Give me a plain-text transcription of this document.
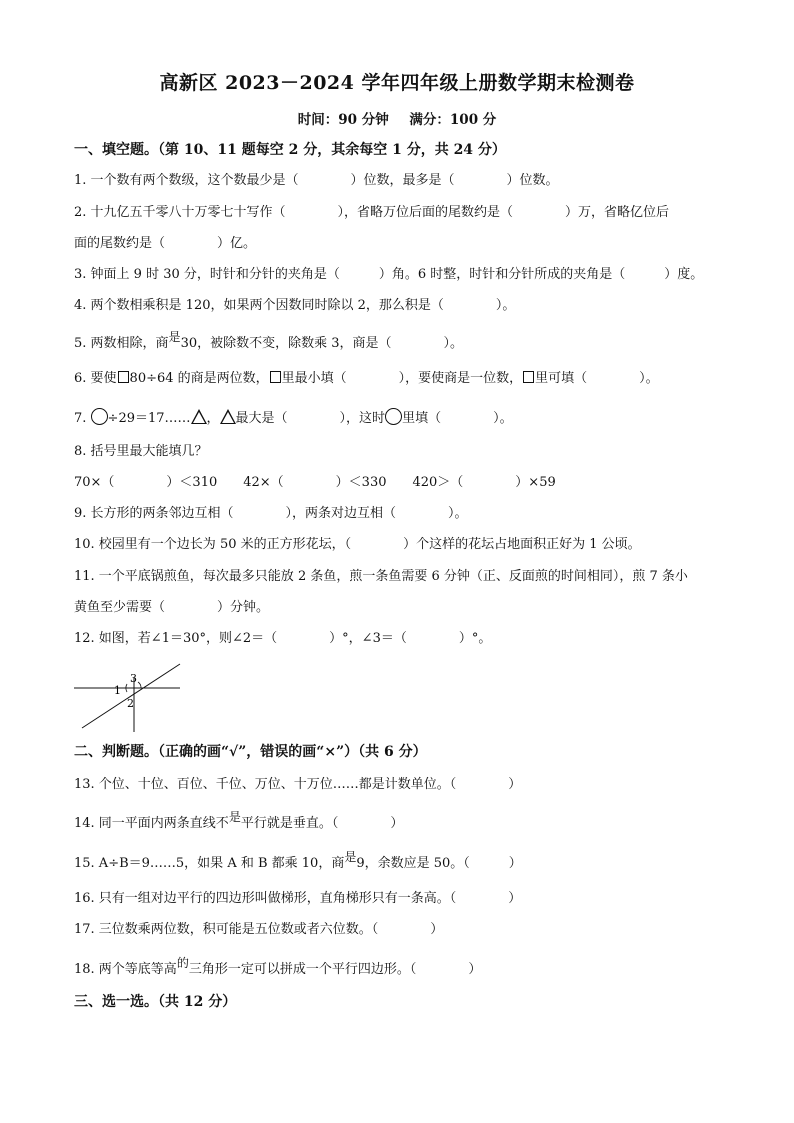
高新区 2023－2024 学年四年级上册数学期末检测卷
时间：90 分钟 满分：100 分
一、填空题。（第 10、11 题每空 2 分，其余每空 1 分，共 24 分）
1. 一个数有两个数级，这个数最少是（　　　　）位数，最多是（　　　　）位数。
2. 十九亿五千零八十万零七十写作（　　　　），省略万位后面的尾数约是（　　　　）万，省略亿位后
面的尾数约是（　　　　）亿。
3. 钟面上 9 时 30 分，时针和分针的夹角是（　　　）角。6 时整，时针和分针所成的夹角是（　　　）度。
4. 两个数相乘积是 120，如果两个因数同时除以 2，那么积是（　　　　）。
5. 两数相除，商是30，被除数不变，除数乘 3，商是（　　　　）。
6. 要使 80÷64 的商是两位数， 里最小填（　　　　），要使商是一位数， 里可填（　　　　）。
7. ÷29＝17…… ， 最大是（　　　　），这时 里填（　　　　）。
8. 括号里最大能填几？
70×（　　　　）＜310　　42×（　　　　）＜330　　420＞（　　　　）×59
9. 长方形的两条邻边互相（　　　　），两条对边互相（　　　　）。
10. 校园里有一个边长为 50 米的正方形花坛，（　　　　）个这样的花坛占地面积正好为 1 公顷。
11. 一个平底锅煎鱼，每次最多只能放 2 条鱼，煎一条鱼需要 6 分钟（正、反面煎的时间相同），煎 7 条小
黄鱼至少需要（　　　　）分钟。
12. 如图，若∠1＝30°，则∠2＝（　　　　）°，∠3＝（　　　　）°。
1
2
3
二、判断题。（正确的画“√”，错误的画“×”）（共 6 分）
13. 个位、十位、百位、千位、万位、十万位……都是计数单位。（　　　　）
14. 同一平面内两条直线不是平行就是垂直。（　　　　）
15. A÷B＝9……5，如果 A 和 B 都乘 10，商是9，余数应是 50。（　　　）
16. 只有一组对边平行的四边形叫做梯形，直角梯形只有一条高。（　　　　）
17. 三位数乘两位数，积可能是五位数或者六位数。（　　　　）
18. 两个等底等高的三角形一定可以拼成一个平行四边形。（　　　　）
三、选一选。（共 12 分）
